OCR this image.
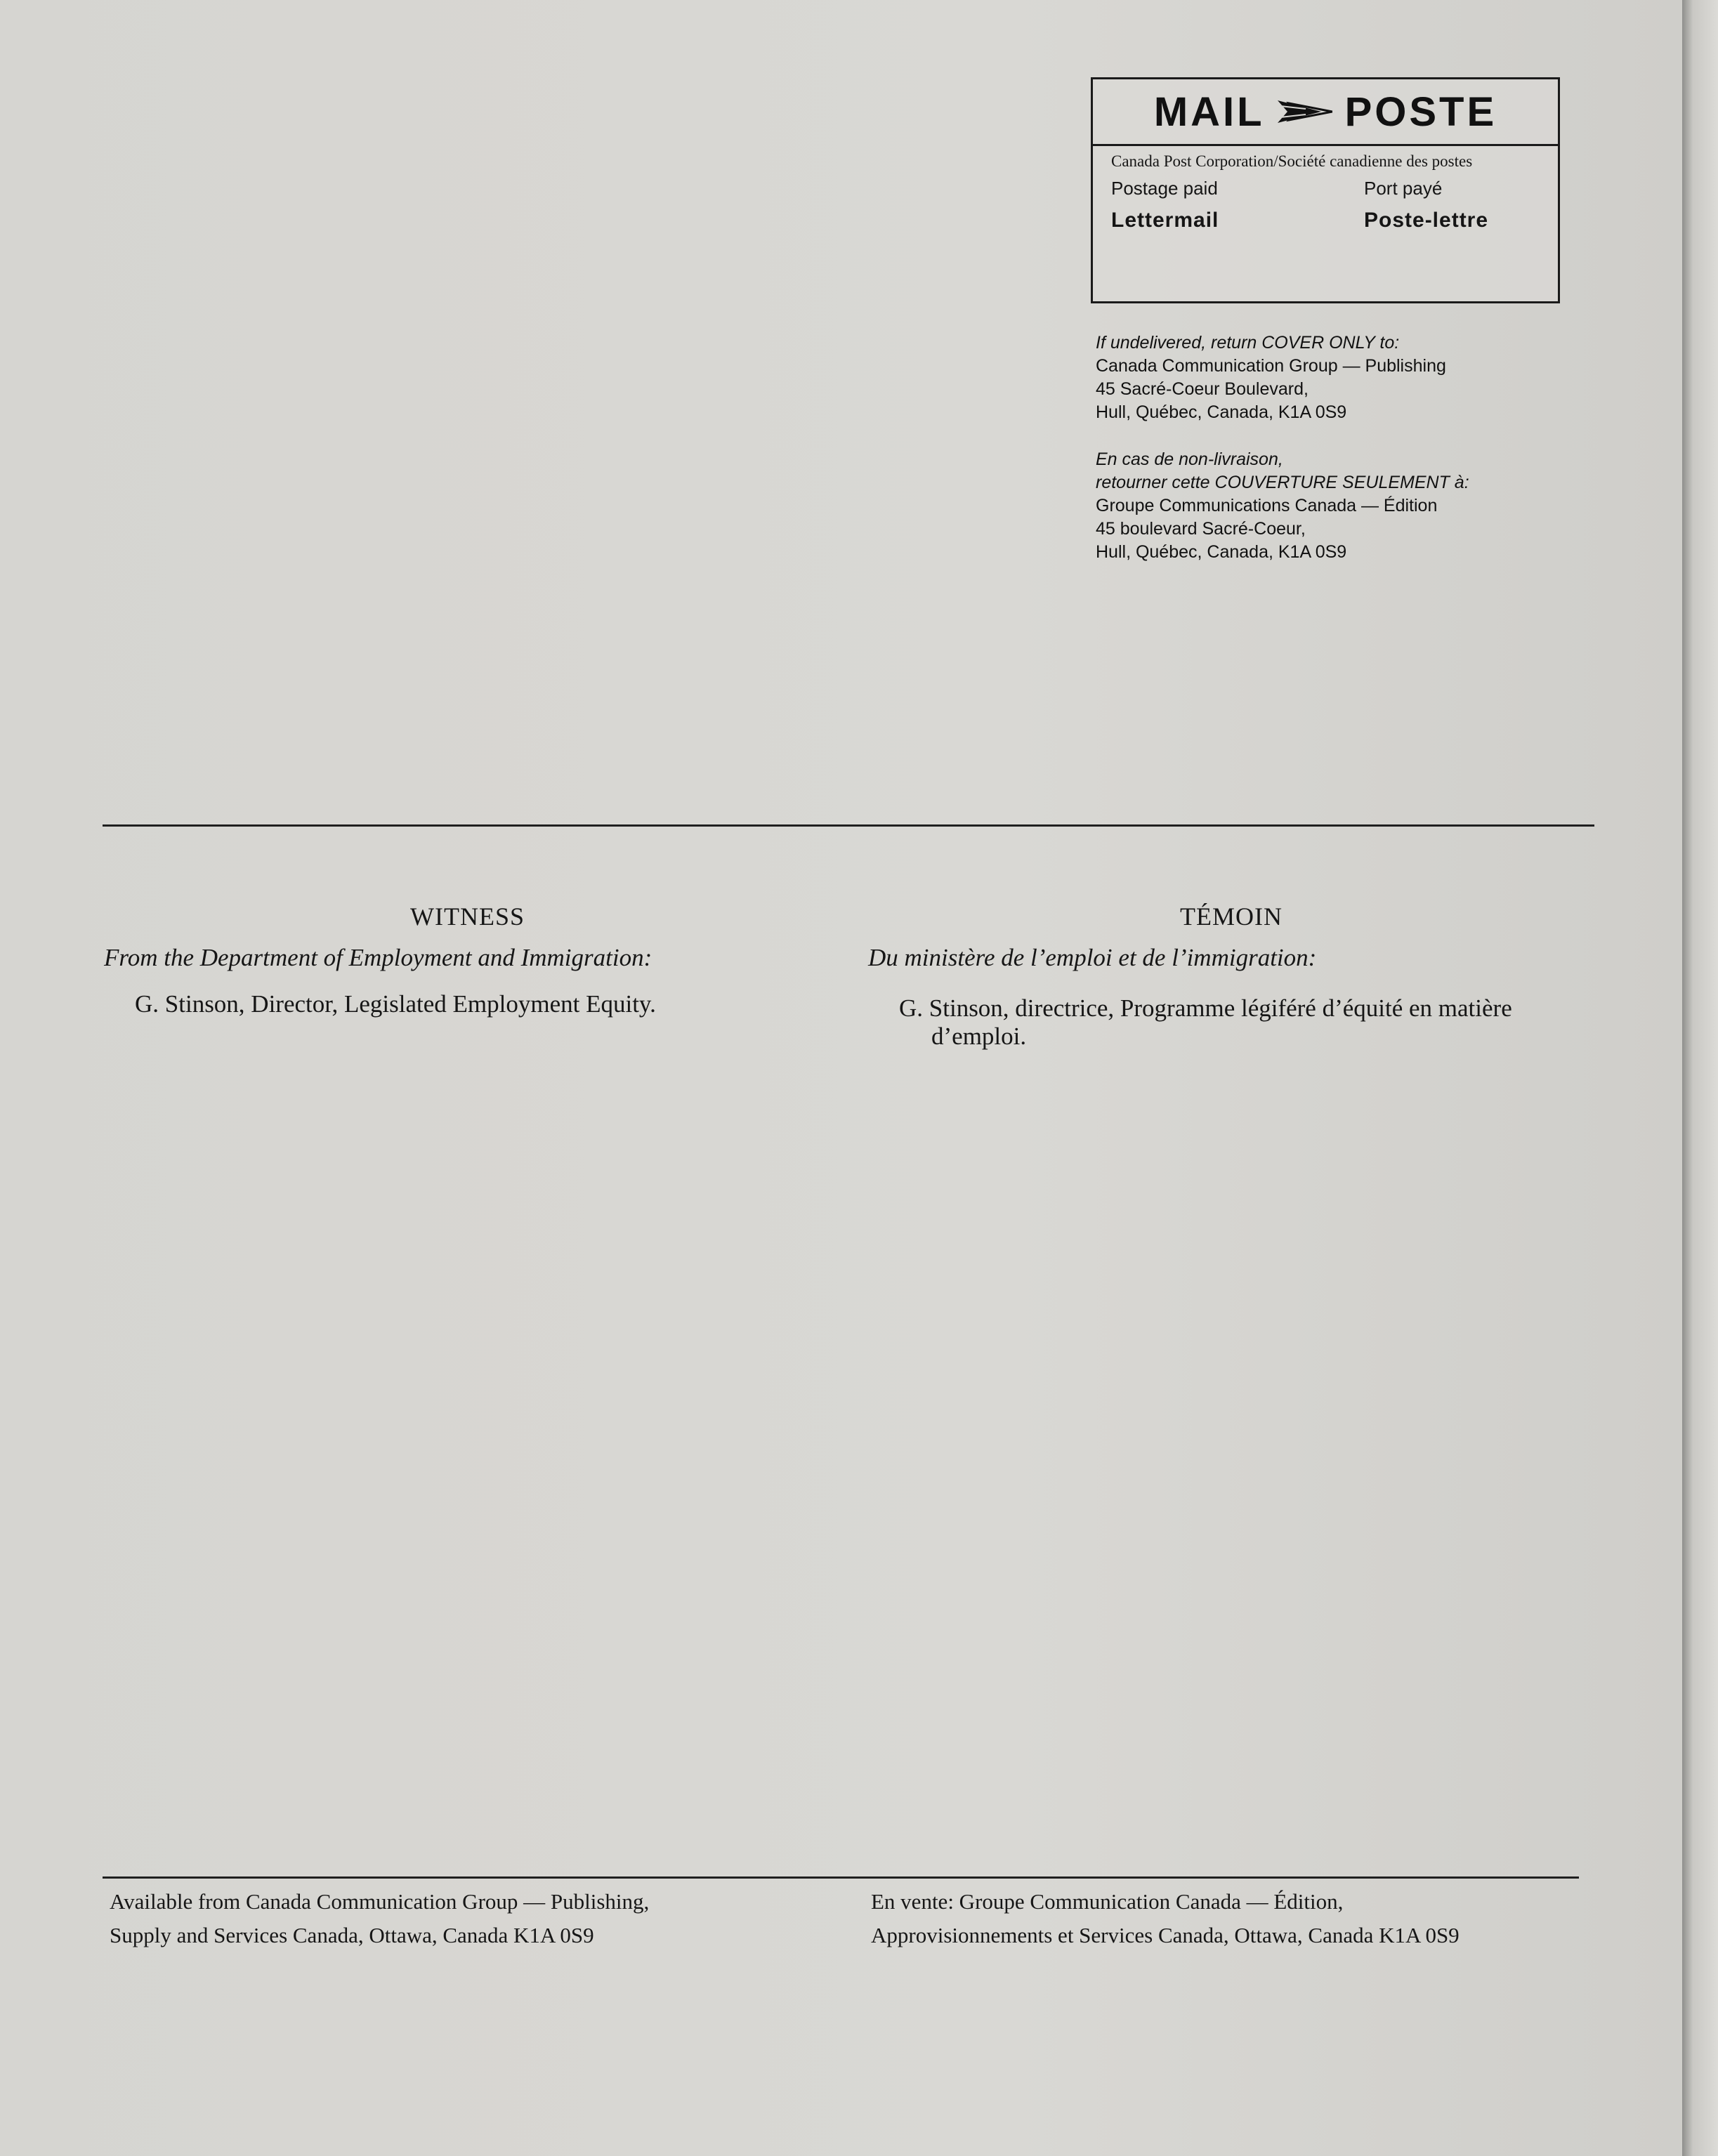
MAIL POSTE
Canada Post Corporation/Société canadienne des postes
Postage paid	Port payé
Lettermail	Poste-lettre
If undelivered, return COVER ONLY to:
Canada Communication Group — Publishing
45 Sacré-Coeur Boulevard,
Hull, Québec, Canada, K1A 0S9
En cas de non-livraison,
retourner cette COUVERTURE SEULEMENT à:
Groupe Communications Canada — Édition
45 boulevard Sacré-Coeur,
Hull, Québec, Canada, K1A 0S9
WITNESS
From the Department of Employment and Immigration:
G. Stinson, Director, Legislated Employment Equity.
TÉMOIN
Du ministère de l’emploi et de l’immigration:
G. Stinson, directrice, Programme légiféré d’équité en matière
d’emploi.
Available from Canada Communication Group — Publishing,
Supply and Services Canada, Ottawa, Canada K1A 0S9
En vente: Groupe Communication Canada — Édition,
Approvisionnements et Services Canada, Ottawa, Canada K1A 0S9
